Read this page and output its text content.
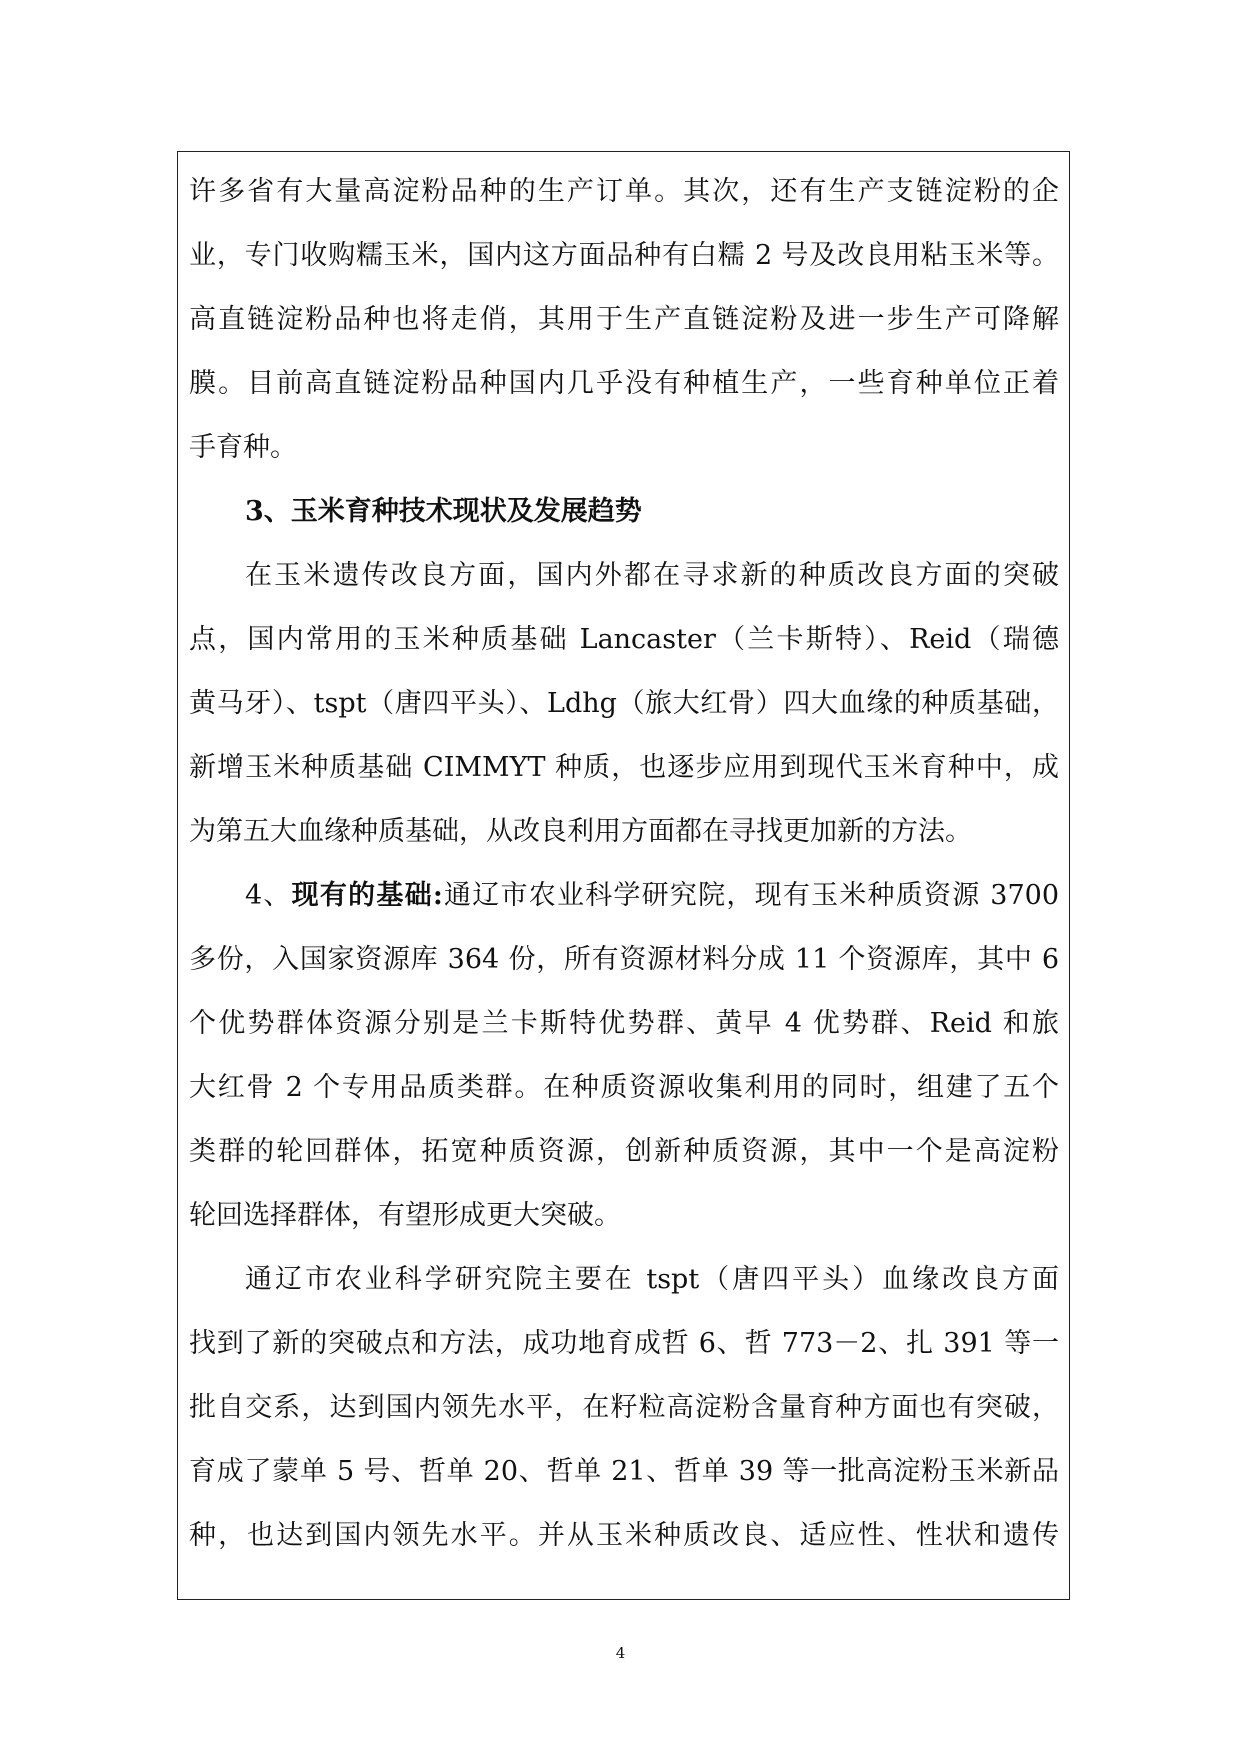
许多省有大量高淀粉品种的生产订单。其次，还有生产支链淀粉的企
业，专门收购糯玉米，国内这方面品种有白糯 2 号及改良用粘玉米等。
高直链淀粉品种也将走俏，其用于生产直链淀粉及进一步生产可降解
膜。目前高直链淀粉品种国内几乎没有种植生产，一些育种单位正着
手育种。
3、玉米育种技术现状及发展趋势
在玉米遗传改良方面，国内外都在寻求新的种质改良方面的突破
点，国内常用的玉米种质基础 Lancaster（兰卡斯特）、Reid（瑞德
黄马牙）、tspt（唐四平头）、Ldhg（旅大红骨）四大血缘的种质基础，
新增玉米种质基础 CIMMYT 种质，也逐步应用到现代玉米育种中，成
为第五大血缘种质基础，从改良利用方面都在寻找更加新的方法。
4、现有的基础:通辽市农业科学研究院，现有玉米种质资源 3700
多份，入国家资源库 364 份，所有资源材料分成 11 个资源库，其中 6
个优势群体资源分别是兰卡斯特优势群、黄早 4 优势群、Reid 和旅
大红骨 2 个专用品质类群。在种质资源收集利用的同时，组建了五个
类群的轮回群体，拓宽种质资源，创新种质资源，其中一个是高淀粉
轮回选择群体，有望形成更大突破。
通辽市农业科学研究院主要在 tspt（唐四平头）血缘改良方面
找到了新的突破点和方法，成功地育成哲 6、哲 773－2、扎 391 等一
批自交系，达到国内领先水平，在籽粒高淀粉含量育种方面也有突破，
育成了蒙单 5 号、哲单 20、哲单 21、哲单 39 等一批高淀粉玉米新品
种，也达到国内领先水平。并从玉米种质改良、适应性、性状和遗传
4
